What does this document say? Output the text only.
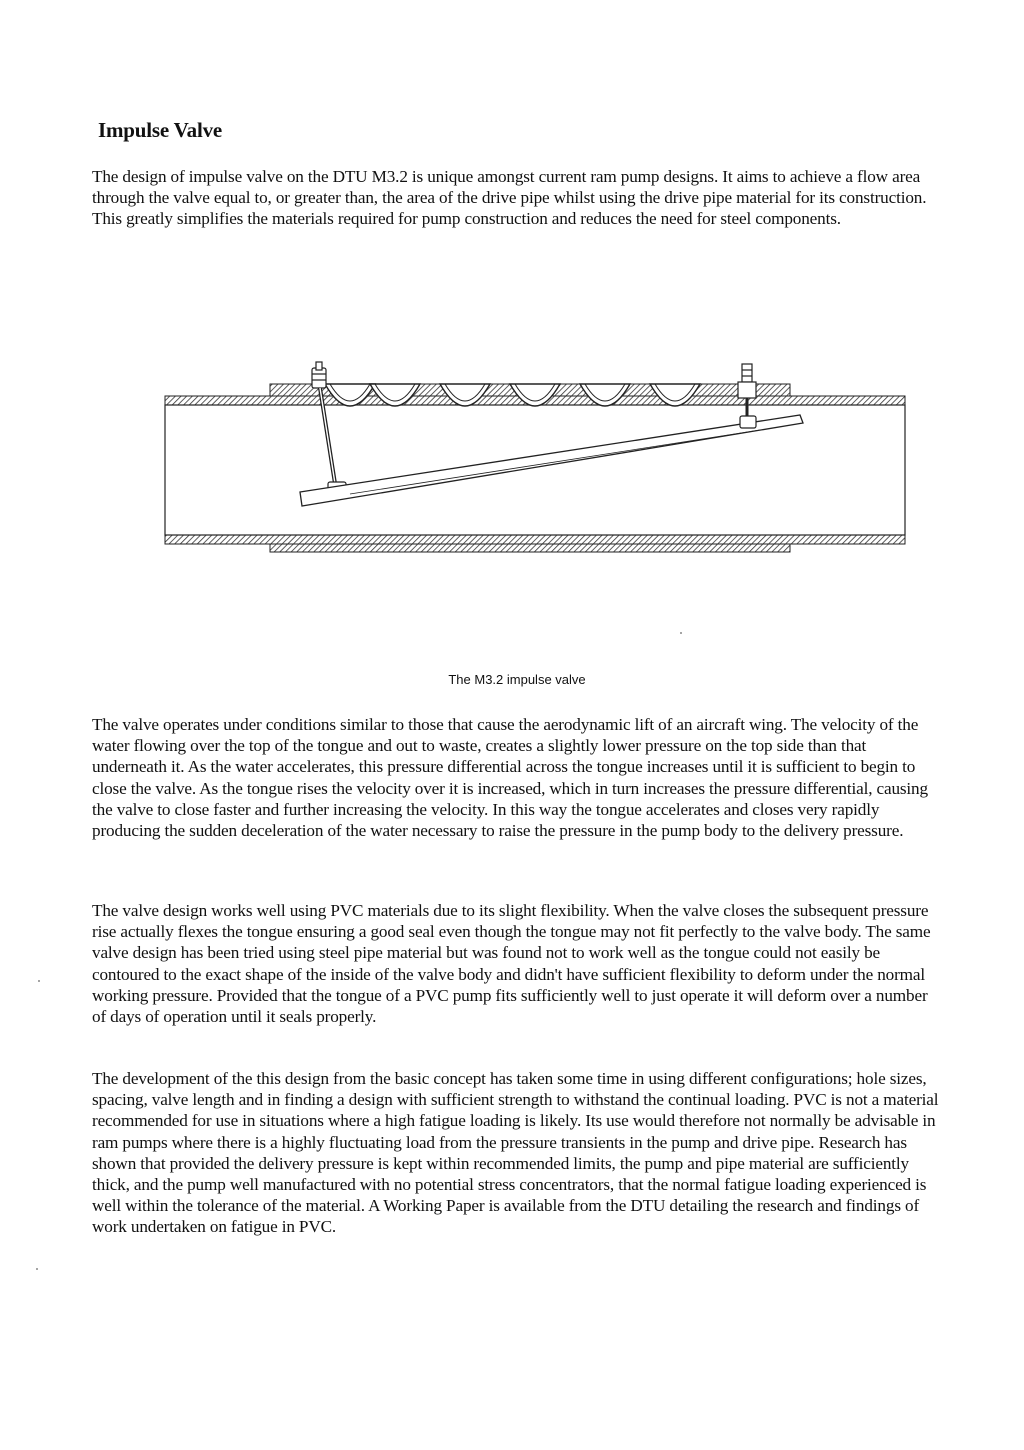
Impulse Valve

The design of impulse valve on the DTU M3.2 is unique amongst current ram pump designs. It aims to achieve a flow area through the valve equal to, or greater than, the area of the drive pipe whilst using the drive pipe material for its construction. This greatly simplifies the materials required for pump construction and reduces the need for steel components.

The M3.2 impulse valve

The valve operates under conditions similar to those that cause the aerodynamic lift of an aircraft wing. The velocity of the water flowing over the top of the tongue and out to waste, creates a slightly lower pressure on the top side than that underneath it. As the water accelerates, this pressure differential across the tongue increases until it is sufficient to begin to close the valve. As the tongue rises the velocity over it is increased, which in turn increases the pressure differential, causing the valve to close faster and further increasing the velocity. In this way the tongue accelerates and closes very rapidly producing the sudden deceleration of the water necessary to raise the pressure in the pump body to the delivery pressure.

The valve design works well using PVC materials due to its slight flexibility. When the valve closes the subsequent pressure rise actually flexes the tongue ensuring a good seal even though the tongue may not fit perfectly to the valve body. The same valve design has been tried using steel pipe material but was found not to work well as the tongue could not easily be contoured to the exact shape of the inside of the valve body and didn't have sufficient flexibility to deform under the normal working pressure. Provided that the tongue of a PVC pump fits sufficiently well to just operate it will deform over a number of days of operation until it seals properly.

The development of the this design from the basic concept has taken some time in using different configurations; hole sizes, spacing, valve length and in finding a design with sufficient strength to withstand the continual loading. PVC is not a material recommended for use in situations where a high fatigue loading is likely. Its use would therefore not normally be advisable in ram pumps where there is a highly fluctuating load from the pressure transients in the pump and drive pipe. Research has shown that provided the delivery pressure is kept within recommended limits, the pump and pipe material are sufficiently thick, and the pump well manufactured with no potential stress concentrators, that the normal fatigue loading experienced is well within the tolerance of the material. A Working Paper is available from the DTU detailing the research and findings of work undertaken on fatigue in PVC.
